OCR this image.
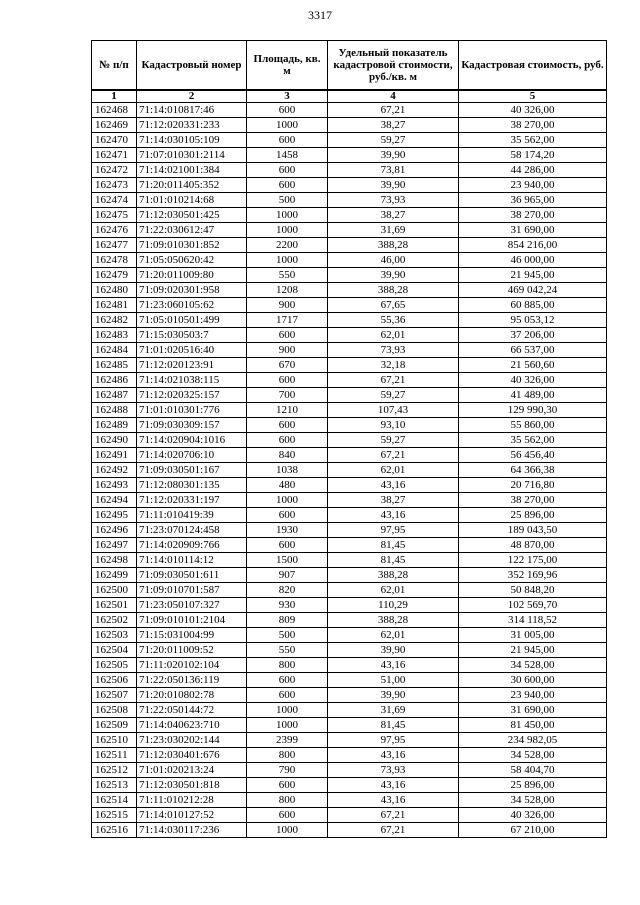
3317
№ п/п	Кадастровый номер	Площадь, кв. м	Удельный показатель кадастровой стоимости, руб./кв. м	Кадастровая стоимость, руб.
1	2	3	4	5
162468	71:14:010817:46	600	67,21	40 326,00
162469	71:12:020331:233	1000	38,27	38 270,00
162470	71:14:030105:109	600	59,27	35 562,00
162471	71:07:010301:2114	1458	39,90	58 174,20
162472	71:14:021001:384	600	73,81	44 286,00
162473	71:20:011405:352	600	39,90	23 940,00
162474	71:01:010214:68	500	73,93	36 965,00
162475	71:12:030501:425	1000	38,27	38 270,00
162476	71:22:030612:47	1000	31,69	31 690,00
162477	71:09:010301:852	2200	388,28	854 216,00
162478	71:05:050620:42	1000	46,00	46 000,00
162479	71:20:011009:80	550	39,90	21 945,00
162480	71:09:020301:958	1208	388,28	469 042,24
162481	71:23:060105:62	900	67,65	60 885,00
162482	71:05:010501:499	1717	55,36	95 053,12
162483	71:15:030503:7	600	62,01	37 206,00
162484	71:01:020516:40	900	73,93	66 537,00
162485	71:12:020123:91	670	32,18	21 560,60
162486	71:14:021038:115	600	67,21	40 326,00
162487	71:12:020325:157	700	59,27	41 489,00
162488	71:01:010301:776	1210	107,43	129 990,30
162489	71:09:030309:157	600	93,10	55 860,00
162490	71:14:020904:1016	600	59,27	35 562,00
162491	71:14:020706:10	840	67,21	56 456,40
162492	71:09:030501:167	1038	62,01	64 366,38
162493	71:12:080301:135	480	43,16	20 716,80
162494	71:12:020331:197	1000	38,27	38 270,00
162495	71:11:010419:39	600	43,16	25 896,00
162496	71:23:070124:458	1930	97,95	189 043,50
162497	71:14:020909:766	600	81,45	48 870,00
162498	71:14:010114:12	1500	81,45	122 175,00
162499	71:09:030501:611	907	388,28	352 169,96
162500	71:09:010701:587	820	62,01	50 848,20
162501	71:23:050107:327	930	110,29	102 569,70
162502	71:09:010101:2104	809	388,28	314 118,52
162503	71:15:031004:99	500	62,01	31 005,00
162504	71:20:011009:52	550	39,90	21 945,00
162505	71:11:020102:104	800	43,16	34 528,00
162506	71:22:050136:119	600	51,00	30 600,00
162507	71:20:010802:78	600	39,90	23 940,00
162508	71:22:050144:72	1000	31,69	31 690,00
162509	71:14:040623:710	1000	81,45	81 450,00
162510	71:23:030202:144	2399	97,95	234 982,05
162511	71:12:030401:676	800	43,16	34 528,00
162512	71:01:020213:24	790	73,93	58 404,70
162513	71:12:030501:818	600	43,16	25 896,00
162514	71:11:010212:28	800	43,16	34 528,00
162515	71:14:010127:52	600	67,21	40 326,00
162516	71:14:030117:236	1000	67,21	67 210,00
